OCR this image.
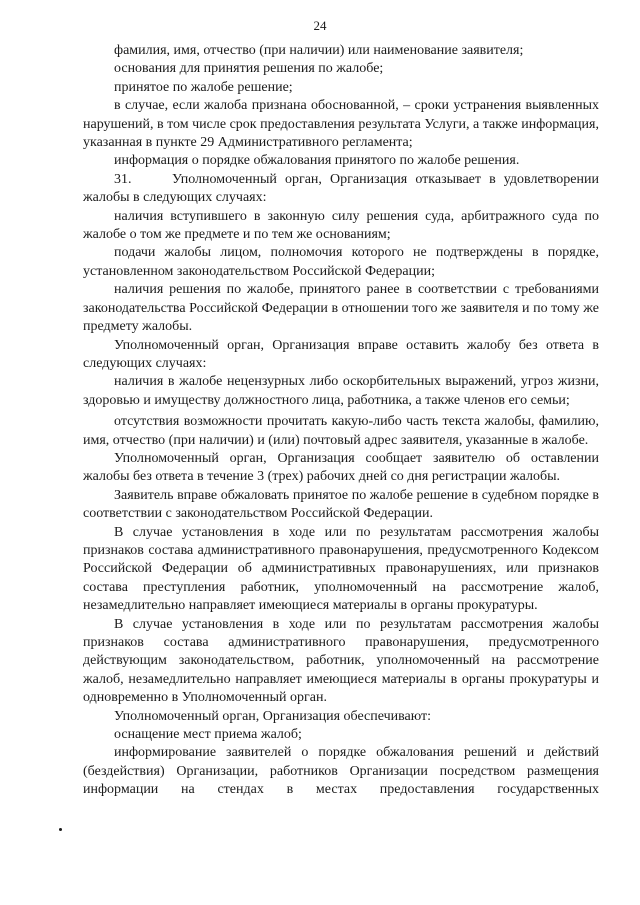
24

фамилия, имя, отчество (при наличии) или наименование заявителя;

основания для принятия решения по жалобе;

принятое по жалобе решение;

в случае, если жалоба признана обоснованной, – сроки устранения выявленных нарушений, в том числе срок предоставления результата Услуги, а также информация, указанная в пункте 29 Административного регламента;

информация о порядке обжалования принятого по жалобе решения.

31.     Уполномоченный орган, Организация отказывает в удовлетворении жалобы в следующих случаях:

наличия вступившего в законную силу решения суда, арбитражного суда по жалобе о том же предмете и по тем же основаниям;

подачи жалобы лицом, полномочия которого не подтверждены в порядке, установленном законодательством Российской Федерации;

наличия решения по жалобе, принятого ранее в соответствии с требованиями законодательства Российской Федерации в отношении того же заявителя и по тому же предмету жалобы.

Уполномоченный орган, Организация вправе оставить жалобу без ответа в следующих случаях:

наличия в жалобе нецензурных либо оскорбительных выражений, угроз жизни, здоровью и имуществу должностного лица, работника, а также членов его семьи;

отсутствия возможности прочитать какую-либо часть текста жалобы, фамилию, имя, отчество (при наличии) и (или) почтовый адрес заявителя, указанные в жалобе.

Уполномоченный орган, Организация сообщает заявителю об оставлении жалобы без ответа в течение 3 (трех) рабочих дней со дня регистрации жалобы.

Заявитель вправе обжаловать принятое по жалобе решение в судебном порядке в соответствии с законодательством Российской Федерации.

В случае установления в ходе или по результатам рассмотрения жалобы признаков состава административного правонарушения, предусмотренного Кодексом Российской Федерации об административных правонарушениях, или признаков состава преступления работник, уполномоченный на рассмотрение жалоб, незамедлительно направляет имеющиеся материалы в органы прокуратуры.

В случае установления в ходе или по результатам рассмотрения жалобы признаков состава административного правонарушения, предусмотренного действующим законодательством, работник, уполномоченный на рассмотрение жалоб, незамедлительно направляет имеющиеся материалы в органы прокуратуры и одновременно в Уполномоченный орган.

Уполномоченный орган, Организация обеспечивают:

оснащение мест приема жалоб;

информирование заявителей о порядке обжалования решений и действий (бездействия) Организации, работников Организации посредством размещения информации на стендах в местах предоставления государственных
